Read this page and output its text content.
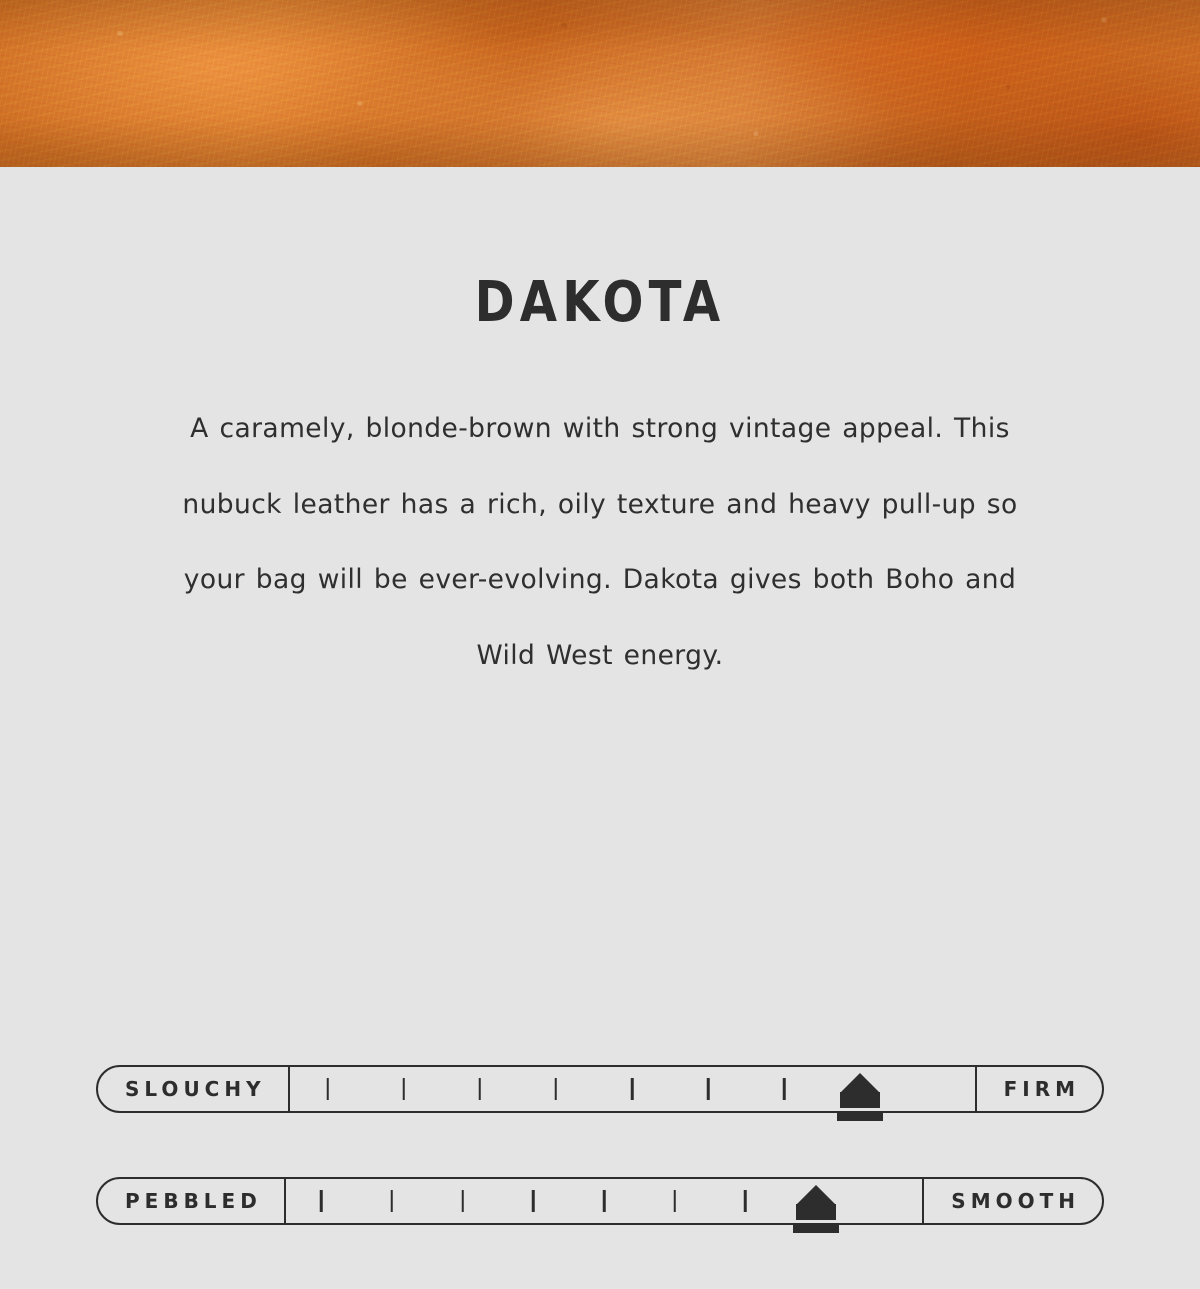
DAKOTA

A caramely, blonde-brown with strong vintage appeal. This nubuck leather has a rich, oily texture and heavy pull-up so your bag will be ever-evolving. Dakota gives both Boho and Wild West energy.

SLOUCHY	FIRM
PEBBLED	SMOOTH
